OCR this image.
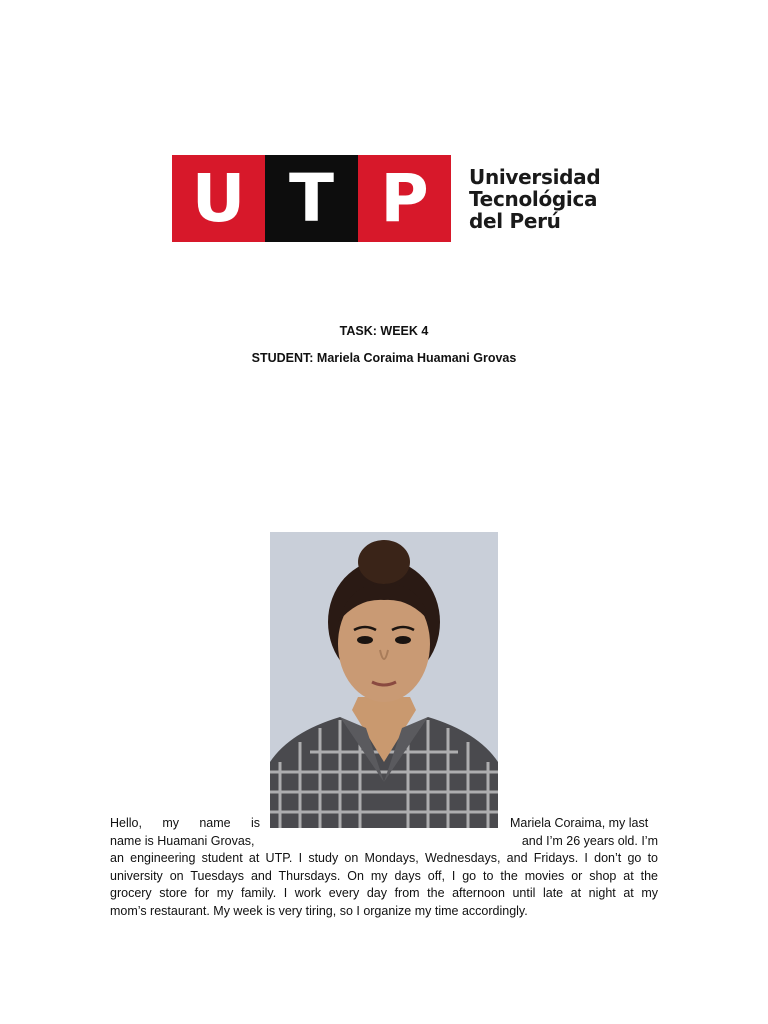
U T P	Universidad
Tecnológica
del Perú
TASK: WEEK 4
STUDENT: Mariela Coraima Huamani Grovas
Hello, my name is	Mariela Coraima, my last
name is Huamani Grovas,	and I’m 26 years old. I’m
an engineering student at UTP. I study on Mondays, Wednesdays, and Fridays. I don’t go to
university on Tuesdays and Thursdays. On my days off, I go to the movies or shop at the
grocery store for my family. I work every day from the afternoon until late at night at my
mom’s restaurant. My week is very tiring, so I organize my time accordingly.
